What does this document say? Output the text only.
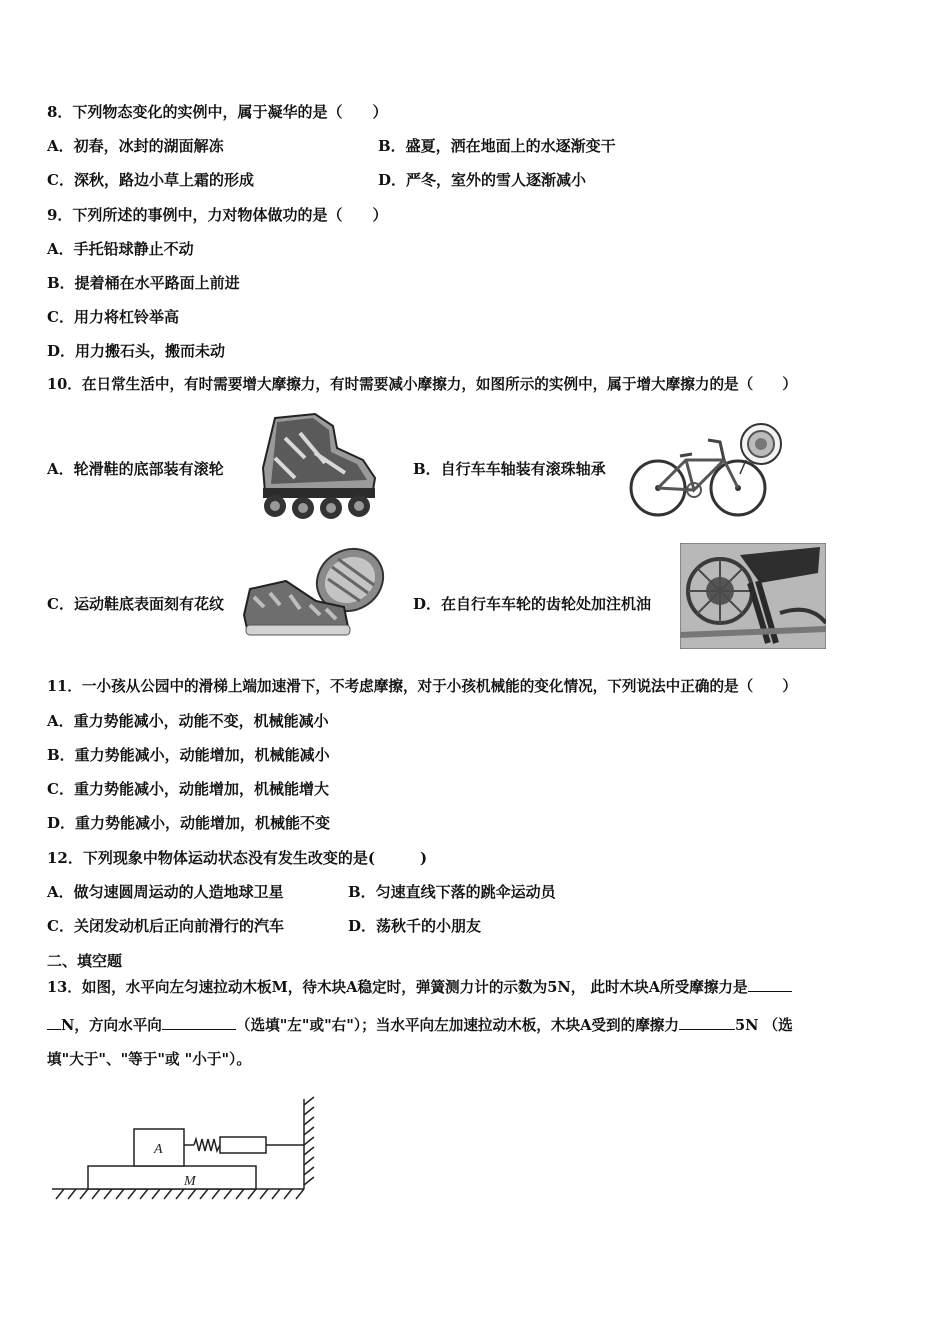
8．下列物态变化的实例中，属于凝华的是（　　）
A．初春，冰封的湖面解冻	B．盛夏，洒在地面上的水逐渐变干
C．深秋，路边小草上霜的形成	D．严冬，室外的雪人逐渐减小
9．下列所述的事例中，力对物体做功的是（　　）
A．手托铅球静止不动
B．提着桶在水平路面上前进
C．用力将杠铃举高
D．用力搬石头，搬而未动
10．在日常生活中，有时需要增大摩擦力，有时需要减小摩擦力，如图所示的实例中，属于增大摩擦力的是（　　）
A．轮滑鞋的底部装有滚轮	B．自行车车轴装有滚珠轴承
C．运动鞋底表面刻有花纹	D．在自行车车轮的齿轮处加注机油
11．一小孩从公园中的滑梯上端加速滑下，不考虑摩擦，对于小孩机械能的变化情况，下列说法中正确的是（　　）
A．重力势能减小，动能不变，机械能减小
B．重力势能减小，动能增加，机械能减小
C．重力势能减小，动能增加，机械能增大
D．重力势能减小，动能增加，机械能不变
12．下列现象中物体运动状态没有发生改变的是(　　　)
A．做匀速圆周运动的人造地球卫星	B．匀速直线下落的跳伞运动员
C．关闭发动机后正向前滑行的汽车	D．荡秋千的小朋友
二、填空题
13．如图，水平向左匀速拉动木板M，待木块A稳定时，弹簧测力计的示数为5N， 此时木块A所受摩擦力是
N，方向水平向	（选填"左"或"右"）；当水平向左加速拉动木板，木块A受到的摩擦力	5N （选
填"大于"、"等于"或 "小于"）。
A
M
